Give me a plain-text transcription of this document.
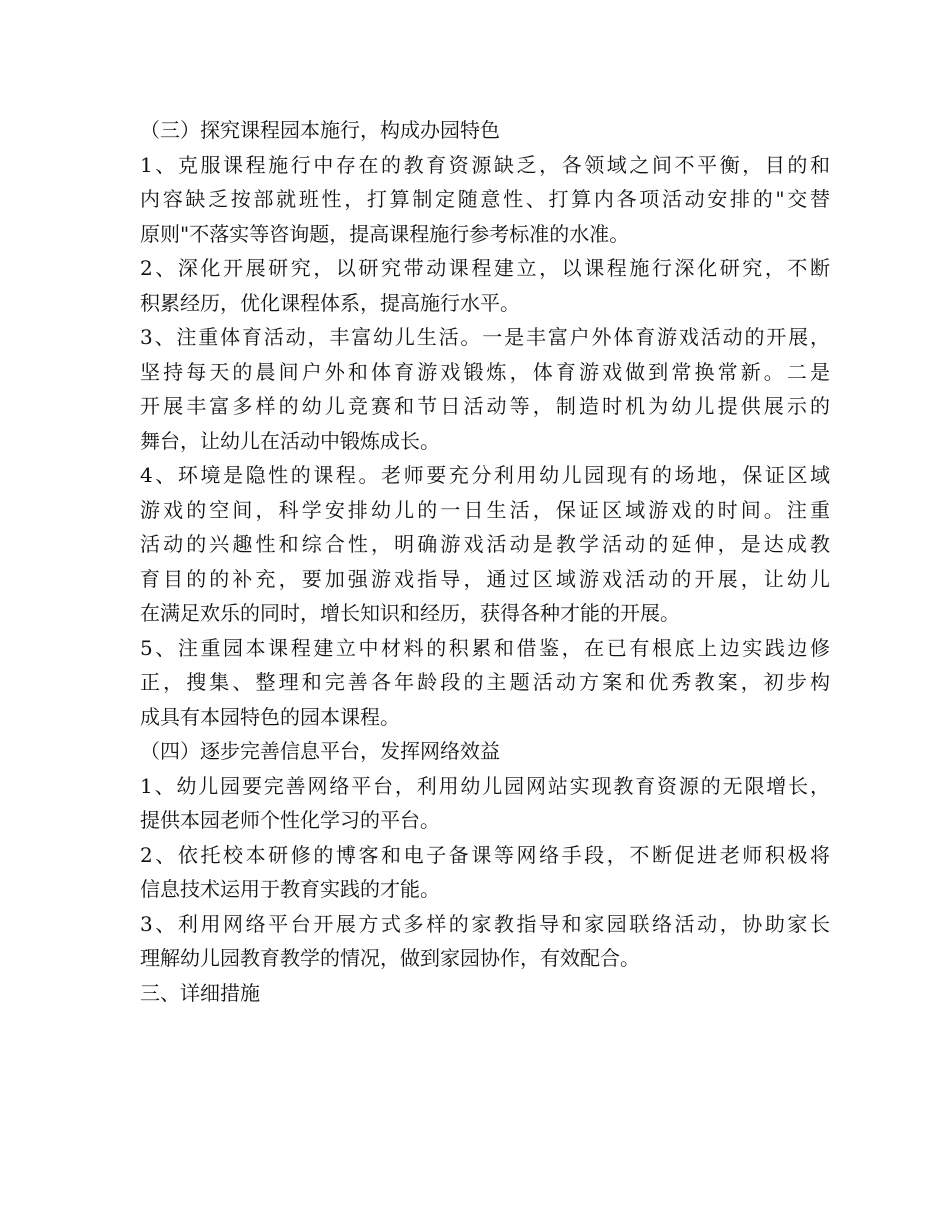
（三）探究课程园本施行，构成办园特色
1、克服课程施行中存在的教育资源缺乏，各领域之间不平衡，目的和
内容缺乏按部就班性，打算制定随意性、打算内各项活动安排的"交替
原则"不落实等咨询题，提高课程施行参考标准的水准。
2、深化开展研究，以研究带动课程建立，以课程施行深化研究，不断
积累经历，优化课程体系，提高施行水平。
3、注重体育活动，丰富幼儿生活。一是丰富户外体育游戏活动的开展，
坚持每天的晨间户外和体育游戏锻炼，体育游戏做到常换常新。二是
开展丰富多样的幼儿竞赛和节日活动等，制造时机为幼儿提供展示的
舞台，让幼儿在活动中锻炼成长。
4、环境是隐性的课程。老师要充分利用幼儿园现有的场地，保证区域
游戏的空间，科学安排幼儿的一日生活，保证区域游戏的时间。注重
活动的兴趣性和综合性，明确游戏活动是教学活动的延伸，是达成教
育目的的补充，要加强游戏指导，通过区域游戏活动的开展，让幼儿
在满足欢乐的同时，增长知识和经历，获得各种才能的开展。
5、注重园本课程建立中材料的积累和借鉴，在已有根底上边实践边修
正，搜集、整理和完善各年龄段的主题活动方案和优秀教案，初步构
成具有本园特色的园本课程。
（四）逐步完善信息平台，发挥网络效益
1、幼儿园要完善网络平台，利用幼儿园网站实现教育资源的无限增长，
提供本园老师个性化学习的平台。
2、依托校本研修的博客和电子备课等网络手段，不断促进老师积极将
信息技术运用于教育实践的才能。
3、利用网络平台开展方式多样的家教指导和家园联络活动，协助家长
理解幼儿园教育教学的情况，做到家园协作，有效配合。
三、详细措施
